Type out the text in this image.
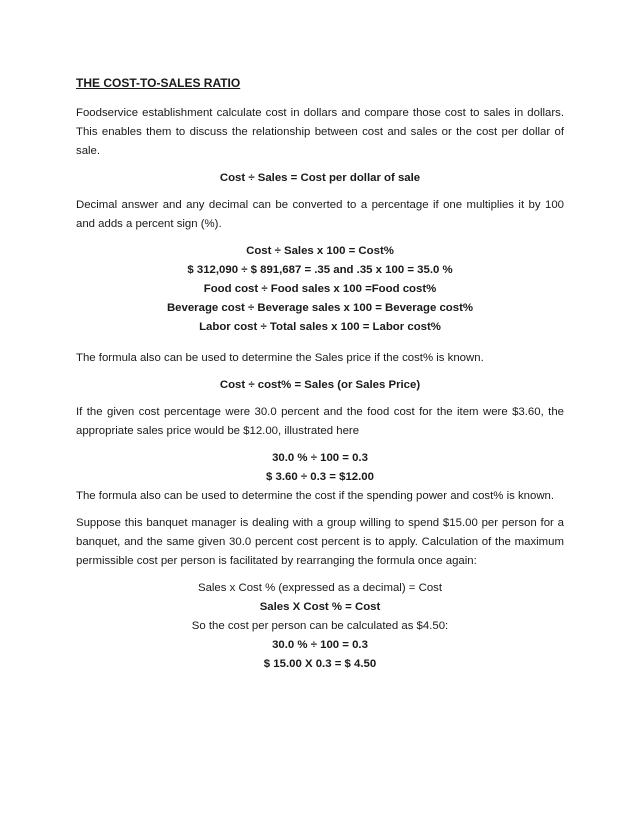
THE COST-TO-SALES RATIO
Foodservice establishment calculate cost in dollars and compare those cost to sales in dollars. This enables them to discuss the relationship between cost and sales or the cost per dollar of sale.
Cost ÷ Sales = Cost per dollar of sale
Decimal answer and any decimal can be converted to a percentage if one multiplies it by 100 and adds a percent sign (%).
Cost ÷ Sales x 100 = Cost%
$ 312,090 ÷ $ 891,687 = .35 and .35 x 100 = 35.0 %
Food cost ÷ Food sales x 100 =Food cost%
Beverage cost ÷ Beverage sales x 100 = Beverage cost%
Labor cost ÷ Total sales x 100 = Labor cost%
The formula also can be used to determine the Sales price if the cost% is known.
Cost ÷ cost% = Sales (or Sales Price)
If the given cost percentage were 30.0 percent and the food cost for the item were $3.60, the appropriate sales price would be $12.00, illustrated here
30.0 % ÷ 100 = 0.3
$ 3.60 ÷ 0.3 = $12.00
The formula also can be used to determine the cost if the spending power and cost% is known.
Suppose this banquet manager is dealing with a group willing to spend $15.00 per person for a banquet, and the same given 30.0 percent cost percent is to apply. Calculation of the maximum permissible cost per person is facilitated by rearranging the formula once again:
Sales x Cost % (expressed as a decimal) = Cost
Sales X Cost % = Cost
So the cost per person can be calculated as $4.50:
30.0 % ÷ 100 = 0.3
$ 15.00 X 0.3 = $ 4.50
